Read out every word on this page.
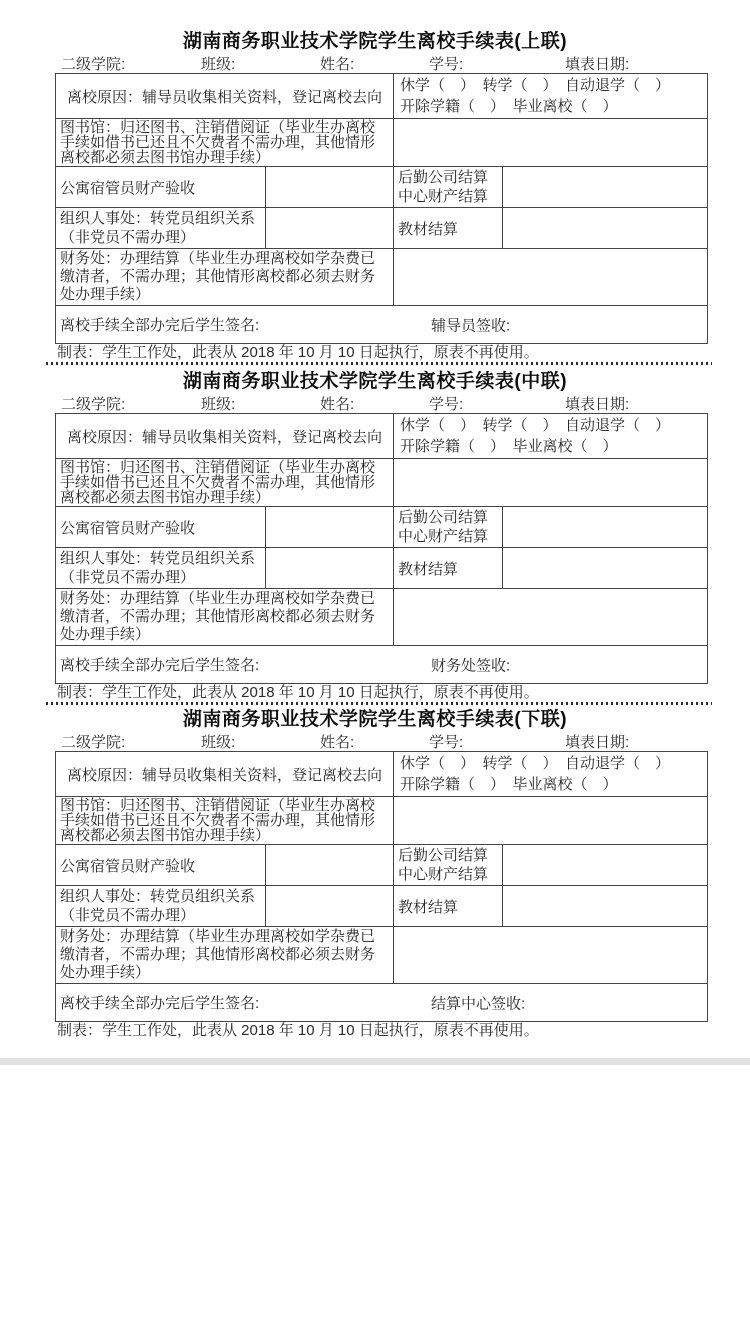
湖南商务职业技术学院学生离校手续表(上联)
二级学院:	班级:	姓名:	学号:	填表日期:
离校原因：辅导员收集相关资料，登记离校去向		休学（　）　转学（　）　自动退学（　）
开除学籍（　）　毕业离校（　）	

图书馆：归还图书、注销借阅证（毕业生办离校
手续如借书已还且不欠费者不需办理，其他情形
离校都必须去图书馆办理手续）			

公寓宿管员财产验收		后勤公司结算
中心财产结算	

组织人事处：转党员组织关系
（非党员不需办理）		教材结算	

财务处：办理结算（毕业生办理离校如学杂费已
缴清者，不需办理；其他情形离校都必须去财务
处办理手续）			

离校手续全部办完后学生签名: 辅导员签收:			
制表：学生工作处，此表从 2018 年 10 月 10 日起执行，原表不再使用。
湖南商务职业技术学院学生离校手续表(中联)
二级学院:	班级:	姓名:	学号:	填表日期:
离校原因：辅导员收集相关资料，登记离校去向		休学（　）　转学（　）　自动退学（　）
开除学籍（　）　毕业离校（　）	

图书馆：归还图书、注销借阅证（毕业生办离校
手续如借书已还且不欠费者不需办理，其他情形
离校都必须去图书馆办理手续）			

公寓宿管员财产验收		后勤公司结算
中心财产结算	

组织人事处：转党员组织关系
（非党员不需办理）		教材结算	

财务处：办理结算（毕业生办理离校如学杂费已
缴清者，不需办理；其他情形离校都必须去财务
处办理手续）			

离校手续全部办完后学生签名: 财务处签收:			
制表：学生工作处，此表从 2018 年 10 月 10 日起执行，原表不再使用。
湖南商务职业技术学院学生离校手续表(下联)
二级学院:	班级:	姓名:	学号:	填表日期:
离校原因：辅导员收集相关资料，登记离校去向		休学（　）　转学（　）　自动退学（　）
开除学籍（　）　毕业离校（　）	

图书馆：归还图书、注销借阅证（毕业生办离校
手续如借书已还且不欠费者不需办理，其他情形
离校都必须去图书馆办理手续）			

公寓宿管员财产验收		后勤公司结算
中心财产结算	

组织人事处：转党员组织关系
（非党员不需办理）		教材结算	

财务处：办理结算（毕业生办理离校如学杂费已
缴清者，不需办理；其他情形离校都必须去财务
处办理手续）			

离校手续全部办完后学生签名: 结算中心签收:			
制表：学生工作处，此表从 2018 年 10 月 10 日起执行，原表不再使用。
